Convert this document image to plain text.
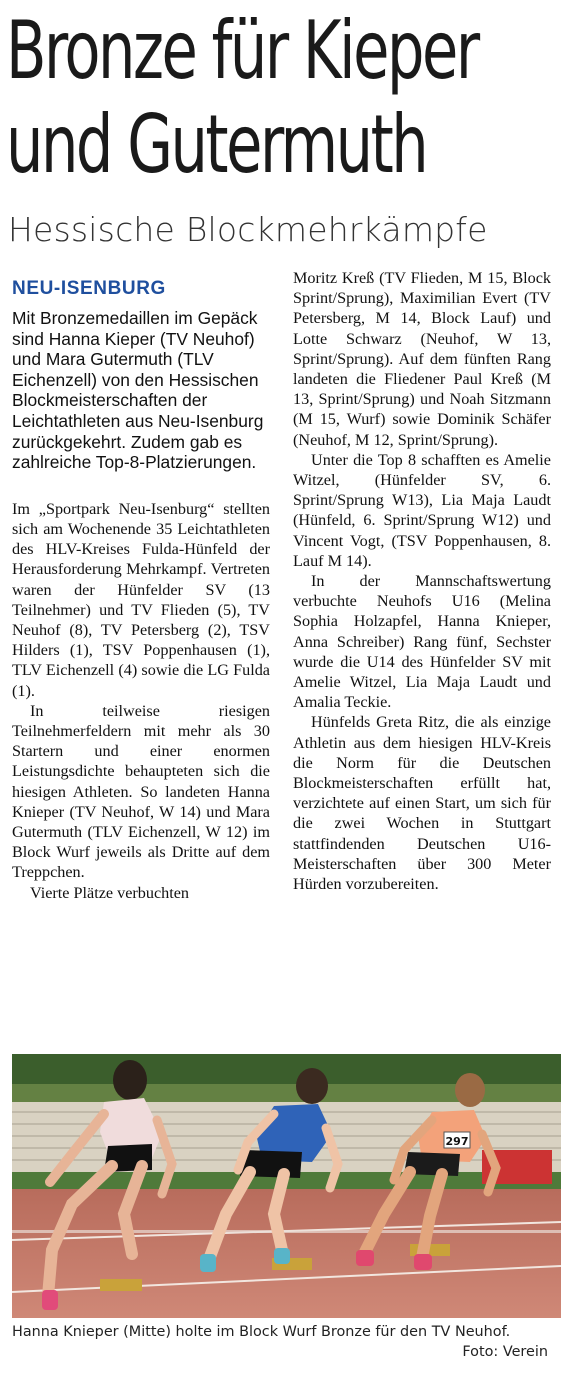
Bronze für Kieper
und Gutermuth
Hessische Blockmehrkämpfe
NEU-ISENBURG

Mit Bronzemedaillen im Gepäck sind Hanna Kieper (TV Neuhof) und Mara Gutermuth (TLV Eichenzell) von den Hessischen Blockmeisterschaften der Leichtathleten aus Neu-Isenburg zurückgekehrt. Zudem gab es zahlreiche Top-8-Platzierungen.

Im „Sportpark Neu-Isenburg“ stellten sich am Wochenende 35 Leichtathleten des HLV-Kreises Fulda-Hünfeld der Herausforderung Mehrkampf. Vertreten waren der Hünfelder SV (13 Teilnehmer) und TV Flieden (5), TV Neuhof (8), TV Petersberg (2), TSV Hilders (1), TSV Poppenhausen (1), TLV Eichenzell (4) sowie die LG Fulda (1).

In teilweise riesigen Teilnehmerfeldern mit mehr als 30 Startern und einer enormen Leistungsdichte behaupteten sich die hiesigen Athleten. So landeten Hanna Knieper (TV Neuhof, W 14) und Mara Gutermuth (TLV Eichenzell, W 12) im Block Wurf jeweils als Dritte auf dem Treppchen.

Vierte Plätze verbuchten

Moritz Kreß (TV Flieden, M 15, Block Sprint/Sprung), Maximilian Evert (TV Petersberg, M 14, Block Lauf) und Lotte Schwarz (Neuhof, W 13, Sprint/Sprung). Auf dem fünften Rang landeten die Fliedener Paul Kreß (M 13, Sprint/Sprung) und Noah Sitzmann (M 15, Wurf) sowie Dominik Schäfer (Neuhof, M 12, Sprint/Sprung).

Unter die Top 8 schafften es Amelie Witzel, (Hünfelder SV, 6. Sprint/Sprung W13), Lia Maja Laudt (Hünfeld, 6. Sprint/Sprung W12) und Vincent Vogt, (TSV Poppenhausen, 8. Lauf M 14).

In der Mannschaftswertung verbuchte Neuhofs U16 (Melina Sophia Holzapfel, Hanna Knieper, Anna Schreiber) Rang fünf, Sechster wurde die U14 des Hünfelder SV mit Amelie Witzel, Lia Maja Laudt und Amalia Teckie.

Hünfelds Greta Ritz, die als einzige Athletin aus dem hiesigen HLV-Kreis die Norm für die Deutschen Blockmeisterschaften erfüllt hat, verzichtete auf einen Start, um sich für die zwei Wochen in Stuttgart stattfindenden Deutschen U16-Meisterschaften über 300 Meter Hürden vorzubereiten.

297

Hanna Knieper (Mitte) holte im Block Wurf Bronze für den TV Neuhof.

Foto: Verein
